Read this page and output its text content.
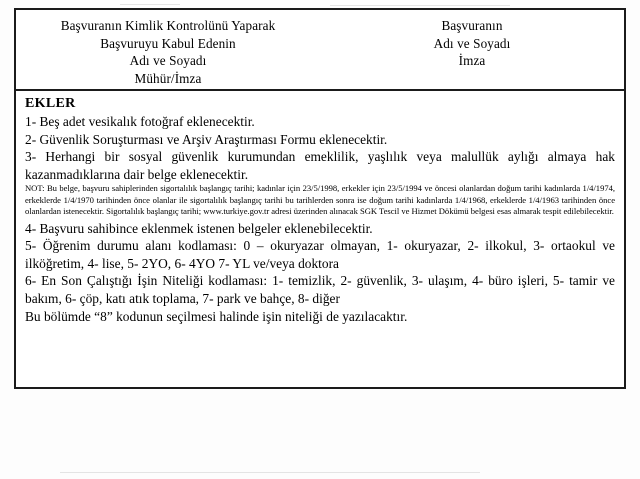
Başvuranın Kimlik Kontrolünü Yaparak
Başvuruyu Kabul Edenin
Adı ve Soyadı
Mühür/İmza
Başvuranın
Adı ve Soyadı
İmza
EKLER
1- Beş adet vesikalık fotoğraf eklenecektir.
2- Güvenlik Soruşturması ve Arşiv Araştırması Formu eklenecektir.
3- Herhangi bir sosyal güvenlik kurumundan emeklilik, yaşlılık veya malullük aylığı almaya hak kazanmadıklarına dair belge eklenecektir.
NOT: Bu belge, başvuru sahiplerinden sigortalılık başlangıç tarihi; kadınlar için 23/5/1998, erkekler için 23/5/1994 ve öncesi olanlardan doğum tarihi kadınlarda 1/4/1974, erkeklerde 1/4/1970 tarihinden önce olanlar ile sigortalılık başlangıç tarihi bu tarihlerden sonra ise doğum tarihi kadınlarda 1/4/1968, erkeklerde 1/4/1963 tarihinden önce olanlardan istenecektir. Sigortalılık başlangıç tarihi; www.turkiye.gov.tr adresi üzerinden alınacak SGK Tescil ve Hizmet Dökümü belgesi esas almarak tespit edilebilecektir.
4- Başvuru sahibince eklenmek istenen belgeler eklenebilecektir.
5- Öğrenim durumu alanı kodlaması: 0 – okuryazar olmayan, 1- okuryazar, 2- ilkokul, 3- ortaokul ve ilköğretim, 4- lise, 5- 2YO, 6- 4YO 7- YL ve/veya doktora
6- En Son Çalıştığı İşin Niteliği kodlaması: 1- temizlik, 2- güvenlik, 3- ulaşım, 4- büro işleri, 5- tamir ve bakım, 6- çöp, katı atık toplama, 7- park ve bahçe, 8- diğer
Bu bölümde “8” kodunun seçilmesi halinde işin niteliği de yazılacaktır.
